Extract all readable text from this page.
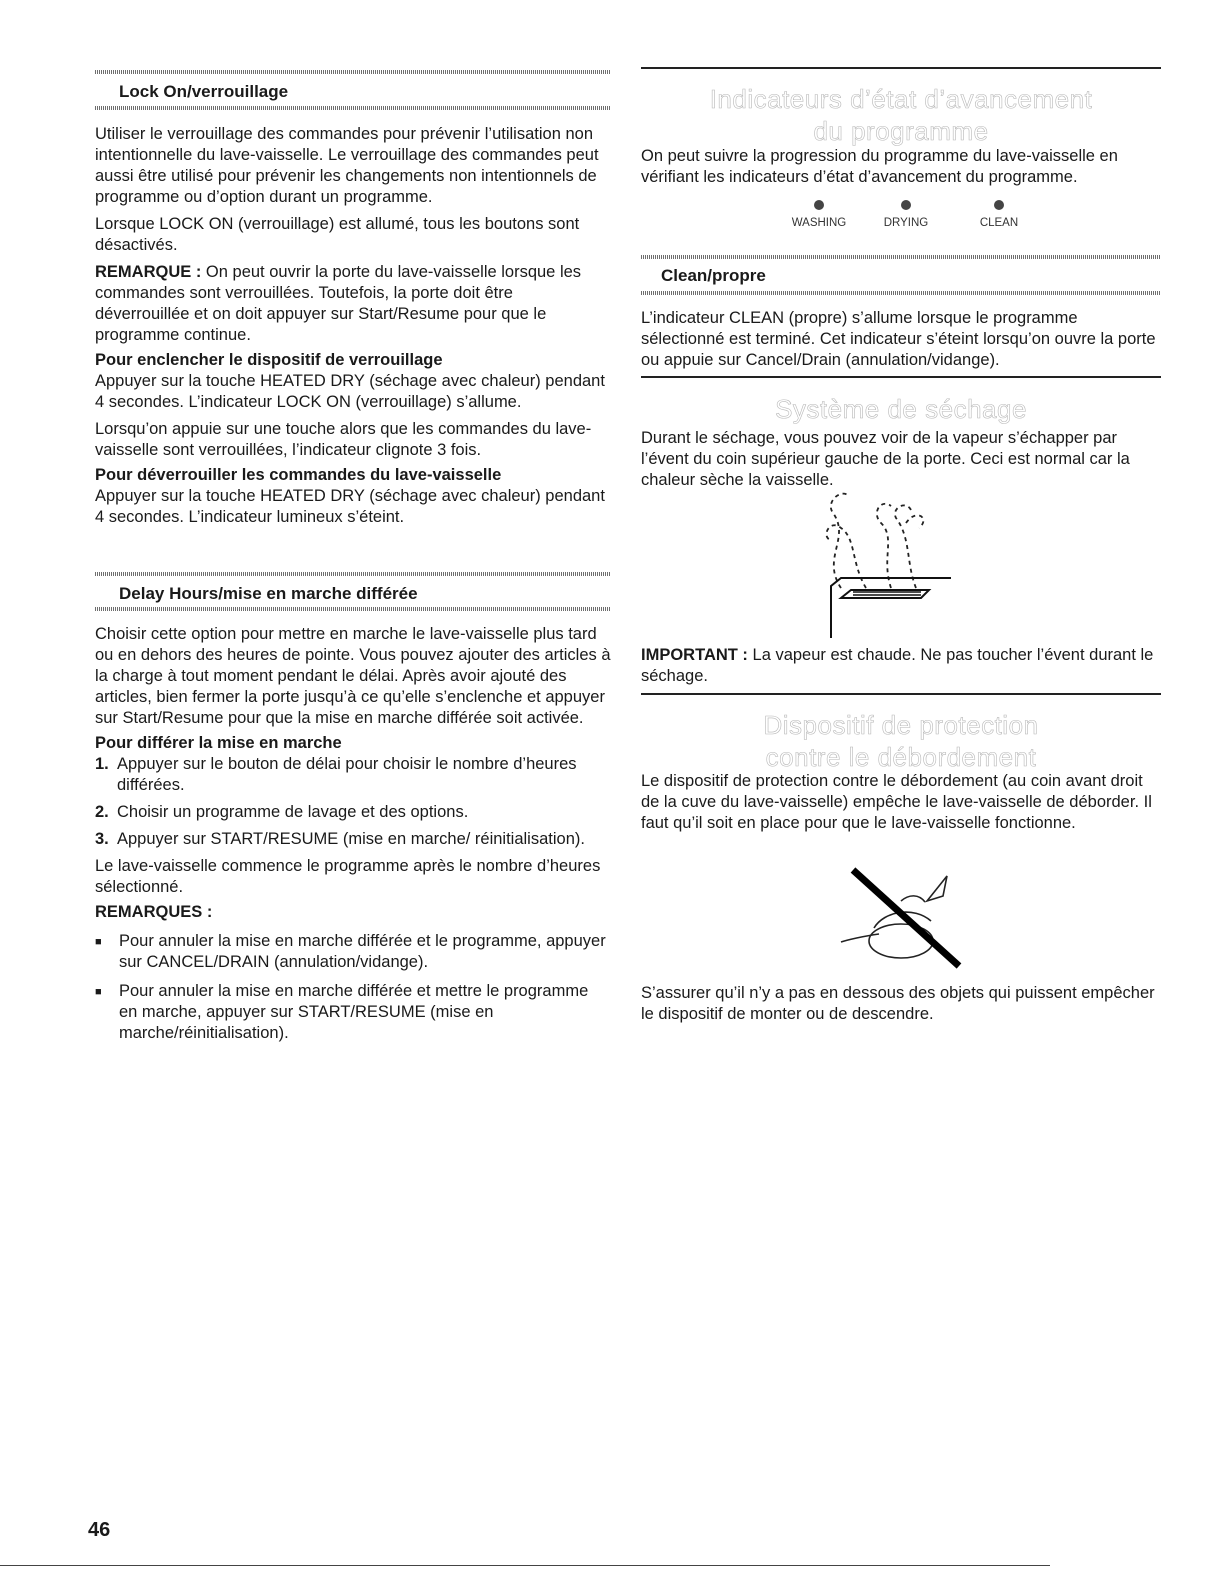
Lock On/verrouillage

Utiliser le verrouillage des commandes pour prévenir l’utilisation non intentionnelle du lave-vaisselle. Le verrouillage des commandes peut aussi être utilisé pour prévenir les changements non intentionnels de programme ou d’option durant un programme.

Lorsque LOCK ON (verrouillage) est allumé, tous les boutons sont désactivés.

REMARQUE : On peut ouvrir la porte du lave-vaisselle lorsque les commandes sont verrouillées. Toutefois, la porte doit être déverrouillée et on doit appuyer sur Start/Resume pour que le programme continue.

Pour enclencher le dispositif de verrouillage

Appuyer sur la touche HEATED DRY (séchage avec chaleur) pendant 4 secondes. L’indicateur LOCK ON (verrouillage) s’allume.

Lorsqu’on appuie sur une touche alors que les commandes du lave-vaisselle sont verrouillées, l’indicateur clignote 3 fois.

Pour déverrouiller les commandes du lave-vaisselle

Appuyer sur la touche HEATED DRY (séchage avec chaleur) pendant 4 secondes. L’indicateur lumineux s’éteint.

Delay Hours/mise en marche différée

Choisir cette option pour mettre en marche le lave-vaisselle plus tard ou en dehors des heures de pointe. Vous pouvez ajouter des articles à la charge à tout moment pendant le délai. Après avoir ajouté des articles, bien fermer la porte jusqu’à ce qu’elle s’enclenche et appuyer sur Start/Resume pour que la mise en marche différée soit activée.

Pour différer la mise en marche

1. Appuyer sur le bouton de délai pour choisir le nombre d’heures différées.
2. Choisir un programme de lavage et des options.
3. Appuyer sur START/RESUME (mise en marche/ réinitialisation).

Le lave-vaisselle commence le programme après le nombre d’heures sélectionné.

REMARQUES :

■	Pour annuler la mise en marche différée et le programme, appuyer sur CANCEL/DRAIN (annulation/vidange).
■	Pour annuler la mise en marche différée et mettre le programme en marche, appuyer sur START/RESUME (mise en marche/réinitialisation).
46
Indicateurs d’état d’avancement
du programme

On peut suivre la progression du programme du lave-vaisselle en vérifiant les indicateurs d’état d’avancement du programme.

WASHING	DRYING	CLEAN
Clean/propre

L’indicateur CLEAN (propre) s’allume lorsque le programme sélectionné est terminé. Cet indicateur s’éteint lorsqu’on ouvre la porte ou appuie sur Cancel/Drain (annulation/vidange).

Système de séchage

Durant le séchage, vous pouvez voir de la vapeur s’échapper par l’évent du coin supérieur gauche de la porte. Ceci est normal car la chaleur sèche la vaisselle.

IMPORTANT : La vapeur est chaude. Ne pas toucher l’évent durant le séchage.

Dispositif de protection
contre le débordement

Le dispositif de protection contre le débordement (au coin avant droit de la cuve du lave-vaisselle) empêche le lave-vaisselle de déborder. Il faut qu’il soit en place pour que le lave-vaisselle fonctionne.

S’assurer qu’il n’y a pas en dessous des objets qui puissent empêcher le dispositif de monter ou de descendre.
